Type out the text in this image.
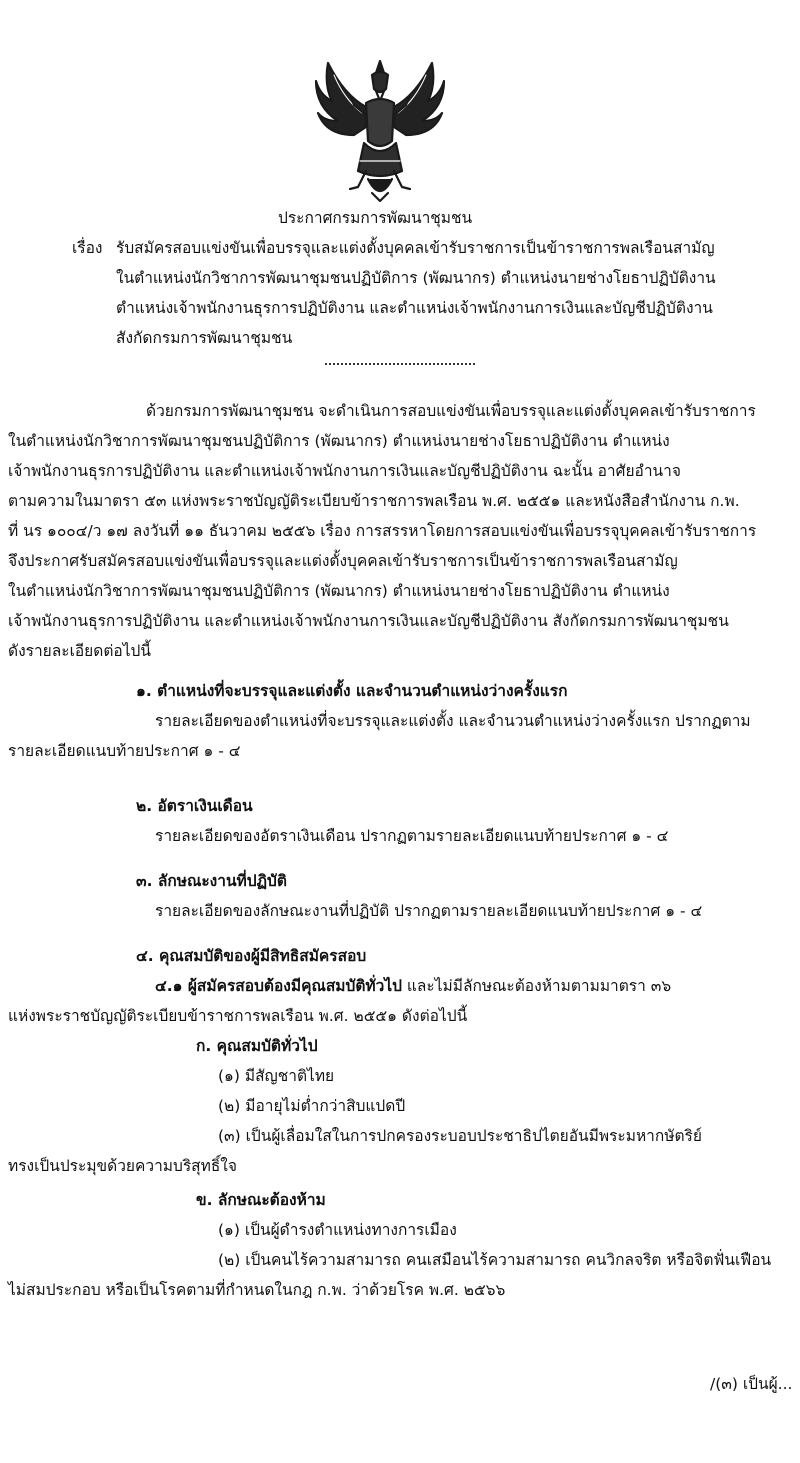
ประกาศกรมการพัฒนาชุมชน
เรื่อง รับสมัครสอบแข่งขันเพื่อบรรจุและแต่งตั้งบุคคลเข้ารับราชการเป็นข้าราชการพลเรือนสามัญ
ในตำแหน่งนักวิชาการพัฒนาชุมชนปฏิบัติการ (พัฒนากร) ตำแหน่งนายช่างโยธาปฏิบัติงาน
ตำแหน่งเจ้าพนักงานธุรการปฏิบัติงาน และตำแหน่งเจ้าพนักงานการเงินและบัญชีปฏิบัติงาน
สังกัดกรมการพัฒนาชุมชน
ด้วยกรมการพัฒนาชุมชน จะดำเนินการสอบแข่งขันเพื่อบรรจุและแต่งตั้งบุคคลเข้ารับราชการ
ในตำแหน่งนักวิชาการพัฒนาชุมชนปฏิบัติการ (พัฒนากร) ตำแหน่งนายช่างโยธาปฏิบัติงาน ตำแหน่ง
เจ้าพนักงานธุรการปฏิบัติงาน และตำแหน่งเจ้าพนักงานการเงินและบัญชีปฏิบัติงาน ฉะนั้น อาศัยอำนาจ
ตามความในมาตรา ๕๓ แห่งพระราชบัญญัติระเบียบข้าราชการพลเรือน พ.ศ. ๒๕๕๑ และหนังสือสำนักงาน ก.พ.
ที่ นร ๑๐๐๔/ว ๑๗ ลงวันที่ ๑๑ ธันวาคม ๒๕๕๖ เรื่อง การสรรหาโดยการสอบแข่งขันเพื่อบรรจุบุคคลเข้ารับราชการ
จึงประกาศรับสมัครสอบแข่งขันเพื่อบรรจุและแต่งตั้งบุคคลเข้ารับราชการเป็นข้าราชการพลเรือนสามัญ
ในตำแหน่งนักวิชาการพัฒนาชุมชนปฏิบัติการ (พัฒนากร) ตำแหน่งนายช่างโยธาปฏิบัติงาน ตำแหน่ง
เจ้าพนักงานธุรการปฏิบัติงาน และตำแหน่งเจ้าพนักงานการเงินและบัญชีปฏิบัติงาน สังกัดกรมการพัฒนาชุมชน
ดังรายละเอียดต่อไปนี้
๑. ตำแหน่งที่จะบรรจุและแต่งตั้ง และจำนวนตำแหน่งว่างครั้งแรก
รายละเอียดของตำแหน่งที่จะบรรจุและแต่งตั้ง และจำนวนตำแหน่งว่างครั้งแรก ปรากฏตาม
รายละเอียดแนบท้ายประกาศ ๑ - ๔
๒. อัตราเงินเดือน
รายละเอียดของอัตราเงินเดือน ปรากฏตามรายละเอียดแนบท้ายประกาศ ๑ - ๔
๓. ลักษณะงานที่ปฏิบัติ
รายละเอียดของลักษณะงานที่ปฏิบัติ ปรากฏตามรายละเอียดแนบท้ายประกาศ ๑ - ๔
๔. คุณสมบัติของผู้มีสิทธิสมัครสอบ
๔.๑ ผู้สมัครสอบต้องมีคุณสมบัติทั่วไป และไม่มีลักษณะต้องห้ามตามมาตรา ๓๖
แห่งพระราชบัญญัติระเบียบข้าราชการพลเรือน พ.ศ. ๒๕๕๑ ดังต่อไปนี้
ก. คุณสมบัติทั่วไป
(๑) มีสัญชาติไทย
(๒) มีอายุไม่ต่ำกว่าสิบแปดปี
(๓) เป็นผู้เลื่อมใสในการปกครองระบอบประชาธิปไตยอันมีพระมหากษัตริย์
ทรงเป็นประมุขด้วยความบริสุทธิ์ใจ
ข. ลักษณะต้องห้าม
(๑) เป็นผู้ดำรงตำแหน่งทางการเมือง
(๒) เป็นคนไร้ความสามารถ คนเสมือนไร้ความสามารถ คนวิกลจริต หรือจิตฟั่นเฟือน
ไม่สมประกอบ หรือเป็นโรคตามที่กำหนดในกฎ ก.พ. ว่าด้วยโรค พ.ศ. ๒๕๖๖
/(๓) เป็นผู้...
